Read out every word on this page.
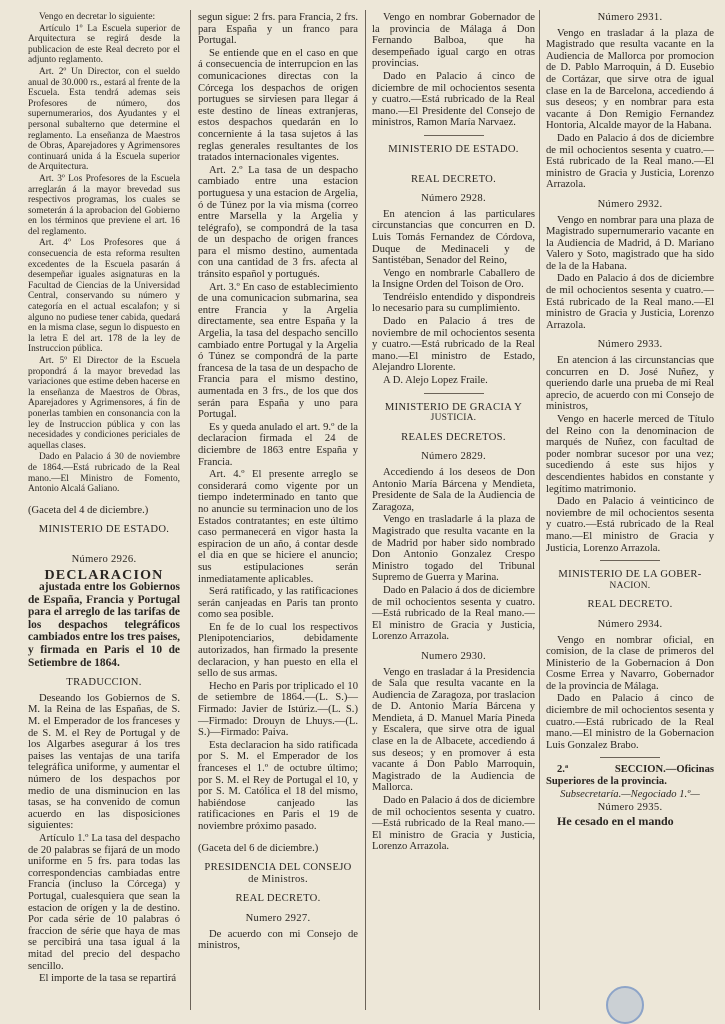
Vengo en decretar lo siguiente:

Artículo 1º La Escuela superior de Arquitectura se regirá desde la publicacion de este Real decreto por el adjunto reglamento.

Art. 2º Un Director, con el sueldo anual de 30.000 rs., estará al frente de la Escuela. Esta tendrá ademas seis Profesores de número, dos supernumerarios, dos Ayudantes y el personal subalterno que determine el reglamento. La enseñanza de Maestros de Obras, Aparejadores y Agrimensores continuará unida á la Escuela superior de Arquitectura.

Art. 3º Los Profesores de la Escuela arreglarán á la mayor brevedad sus respectivos programas, los cuales se someterán á la aprobacion del Gobierno en los términos que previene el art. 16 del reglamento.

Art. 4º Los Profesores que á consecuencia de esta reforma resulten excedentes de la Escuela pasarán á desempeñar iguales asignaturas en la Facultad de Ciencias de la Universidad Central, conservando su número y categoría en el actual escalafon; y si alguno no pudiese tener cabida, quedará en la misma clase, segun lo dispuesto en la letra E del art. 178 de la ley de Instruccion pública.

Art. 5º El Director de la Escuela propondrá á la mayor brevedad las variaciones que estime deben hacerse en la enseñanza de Maestros de Obras, Aparejadores y Agrimensores, á fin de ponerlas tambien en consonancia con la ley de Instruccion pública y con las necesidades y condiciones periciales de aquellas clases.

Dado en Palacio á 30 de noviembre de 1864.—Está rubricado de la Real mano.—El Ministro de Fomento, Antonio Alcalá Galiano.

(Gaceta del 4 de diciembre.)

MINISTERIO DE ESTADO.
Número 2926.
DECLARACION

ajustada entre los Gobiernos de España, Francia y Portugal para el arreglo de las tarifas de los despachos telegráficos cambiados entre los tres paises, y firmada en Paris el 10 de Setiembre de 1864.

TRADUCCION.

Deseando los Gobiernos de S. M. la Reina de las Españas, de S. M. el Emperador de los franceses y de S. M. el Rey de Portugal y de los Algarbes asegurar á los tres paises las ventajas de una tarifa telegráfica uniforme, y aumentar el número de los despachos por medio de una disminucion en las tasas, se ha convenido de comun acuerdo en las disposiciones siguientes:

Artículo 1.º La tasa del despacho de 20 palabras se fijará de un modo uniforme en 5 frs. para todas las correspondencias cambiadas entre Francia (incluso la Córcega) y Portugal, cualesquiera que sean la estacion de orígen y la de destino. Por cada série de 10 palabras ó fraccion de série que haya de mas se percibirá una tasa igual á la mitad del precio del despacho sencillo.

El importe de la tasa se repartirá

segun sigue: 2 frs. para Francia, 2 frs. para España y un franco para Portugal.

Se entiende que en el caso en que á consecuencia de interrupcion en las comunicaciones directas con la Córcega los despachos de origen portugues se sirviesen para llegar á este destino de líneas extranjeras, estos despachos quedarán en lo concerniente á la tasa sujetos á las reglas generales resultantes de los tratados internacionales vigentes.

Art. 2.º La tasa de un despacho cambiado entre una estacion portuguesa y una estacion de Argelia, ó de Túnez por la via misma (correo entre Marsella y la Argelia y telégrafo), se compondrá de la tasa de un despacho de origen frances para el mismo destino, aumentada con una cantidad de 3 frs. afecta al tránsito español y portugués.

Art. 3.º En caso de establecimiento de una comunicacion submarina, sea entre Francia y la Argelia directamente, sea entre España y la Argelia, la tasa del despacho sencillo cambiado entre Portugal y la Argelia ó Túnez se compondrá de la parte francesa de la tasa de un despacho de Francia para el mismo destino, aumentada en 3 frs., de los que dos serán para España y uno para Portugal.

Es y queda anulado el art. 9.º de la declaracion firmada el 24 de diciembre de 1863 entre España y Francia.

Art. 4.º El presente arreglo se considerará como vigente por un tiempo indeterminado en tanto que no anuncie su terminacion uno de los Estados contratantes; en este último caso permanecerá en vigor hasta la espiracion de un año, á contar desde el dia en que se hiciere el anuncio; sus estipulaciones serán inmediatamente aplicables.

Será ratificado, y las ratificaciones serán canjeadas en Paris tan pronto como sea posible.

En fe de lo cual los respectivos Plenipotenciarios, debidamente autorizados, han firmado la presente declaracion, y han puesto en ella el sello de sus armas.

Hecho en Paris por triplicado el 10 de setiembre de 1864.—(L. S.)—Firmado: Javier de Istúriz.—(L. S.)—Firmado: Drouyn de Lhuys.—(L. S.)—Firmado: Paiva.

Esta declaracion ha sido ratificada por S. M. el Emperador de los franceses el 1.º de octubre último; por S. M. el Rey de Portugal el 10, y por S. M. Católica el 18 del mismo, habiéndose canjeado las ratificaciones en Paris el 19 de noviembre próximo pasado.

(Gaceta del 6 de diciembre.)

PRESIDENCIA DEL CONSEJO
de Ministros.
REAL DECRETO.
Numero 2927.

De acuerdo con mi Consejo de ministros,

Vengo en nombrar Gobernador de la provincia de Málaga á Don Fernando Balboa, que ha desempeñado igual cargo en otras provincias.

Dado en Palacio á cinco de diciembre de mil ochocientos sesenta y cuatro.—Está rubricado de la Real mano.—El Presidente del Consejo de ministros, Ramon María Narvaez.

MINISTERIO DE ESTADO.
REAL DECRETO.
Número 2928.

En atencion á las particulares circunstancias que concurren en D. Luis Tomás Fernandez de Córdova, Duque de Medinaceli y de Santistéban, Senador del Reino,

Vengo en nombrarle Caballero de la Insigne Orden del Toison de Oro.

Tendréislo entendido y dispondreis lo necesario para su cumplimiento.

Dado en Palacio á tres de noviembre de mil ochocientos sesenta y cuatro.—Está rubricado de la Real mano.—El ministro de Estado, Alejandro Llorente.

A D. Alejo Lopez Fraile.

MINISTERIO DE GRACIA Y
JUSTICIA.
REALES DECRETOS.
Número 2829.

Accediendo á los deseos de Don Antonio María Bárcena y Mendieta, Presidente de Sala de la Audiencia de Zaragoza,

Vengo en trasladarle á la plaza de Magistrado que resulta vacante en la de Madrid por haber sido nombrado Don Antonio Gonzalez Crespo Ministro togado del Tribunal Supremo de Guerra y Marina.

Dado en Palacio á dos de diciembre de mil ochocientos sesenta y cuatro.—Está rubricado de la Real mano.—El ministro de Gracia y Justicia, Lorenzo Arrazola.

Numero 2930.

Vengo en trasladar á la Presidencia de Sala que resulta vacante en la Audiencia de Zaragoza, por traslacion de D. Antonio María Bárcena y Mendieta, á D. Manuel María Pineda y Escalera, que sirve otra de igual clase en la de Albacete, accediendo á sus deseos; y en promover á esta vacante á Don Pablo Marroquin, Magistrado de la Audiencia de Mallorca.

Dado en Palacio á dos de diciembre de mil ochocientos sesenta y cuatro.—Está rubricado de la Real mano.—El ministro de Gracia y Justicia, Lorenzo Arrazola.

Número 2931.

Vengo en trasladar á la plaza de Magistrado que resulta vacante en la Audiencia de Mallorca por promocion de D. Pablo Marroquin, á D. Eusebio de Cortázar, que sirve otra de igual clase en la de Barcelona, accediendo á sus deseos; y en nombrar para esta vacante á Don Remigio Fernandez Hontoria, Alcalde mayor de la Habana.

Dado en Palacio á dos de diciembre de mil ochocientos sesenta y cuatro.—Está rubricado de la Real mano.—El ministro de Gracia y Justicia, Lorenzo Arrazola.

Número 2932.

Vengo en nombrar para una plaza de Magistrado supernumerario vacante en la Audiencia de Madrid, á D. Mariano Valero y Soto, magistrado que ha sido de la de la Habana.

Dado en Palacio á dos de diciembre de mil ochocientos sesenta y cuatro.—Está rubricado de la Real mano.—El ministro de Gracia y Justicia, Lorenzo Arrazola.

Número 2933.

En atencion á las circunstancias que concurren en D. José Nuñez, y queriendo darle una prueba de mi Real aprecio, de acuerdo con mi Consejo de ministros,

Vengo en hacerle merced de Título del Reino con la denominacion de marqués de Nuñez, con facultad de poder nombrar sucesor por una vez; sucediendo á este sus hijos y descendientes habidos en constante y legítimo matrimonio.

Dado en Palacio á veinticinco de noviembre de mil ochocientos sesenta y cuatro.—Está rubricado de la Real mano.—El ministro de Gracia y Justicia, Lorenzo Arrazola.

MINISTERIO DE LA GOBER-
NACION.
REAL DECRETO.
Número 2934.

Vengo en nombrar oficial, en comision, de la clase de primeros del Ministerio de la Gobernacion á Don Cosme Errea y Navarro, Gobernador de la provincia de Málaga.

Dado en Palacio á cinco de diciembre de mil ochocientos sesenta y cuatro.—Está rubricado de la Real mano.—El ministro de la Gobernacion Luis Gonzalez Brabo.

2.ª SECCION.—Oficinas Superiores de la provincia.

Subsecretaría.—Negociado 1.º—

Número 2935.

He cesado en el mando
